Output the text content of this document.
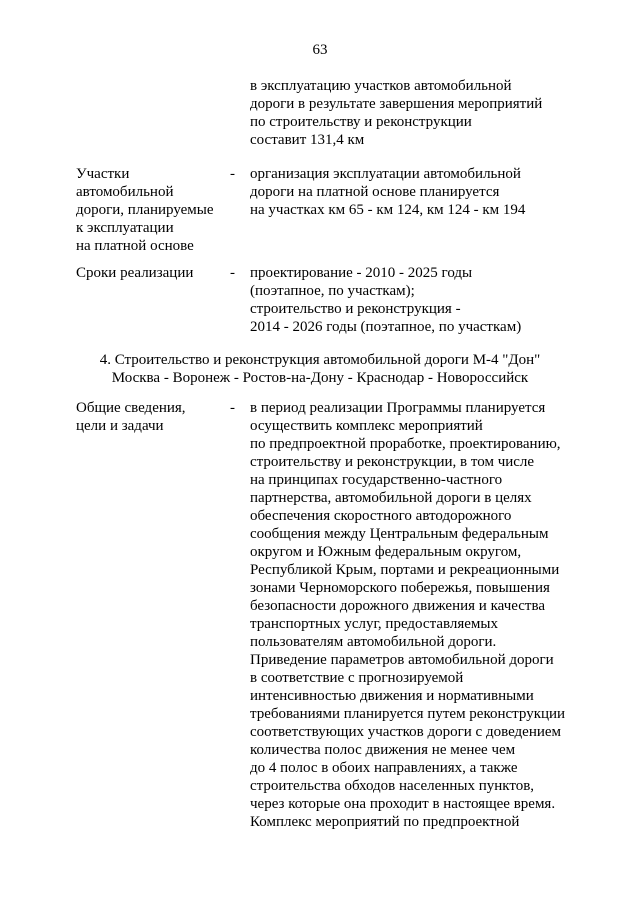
63
в эксплуатацию участков автомобильной
дороги в результате завершения мероприятий
по строительству и реконструкции
составит 131,4 км
Участки
автомобильной
дороги, планируемые
к эксплуатации
на платной основе
- организация эксплуатации автомобильной
дороги на платной основе планируется
на участках км 65 - км 124, км 124 - км 194
Сроки реализации - проектирование - 2010 - 2025 годы
(поэтапное, по участкам);
строительство и реконструкция -
2014 - 2026 годы (поэтапное, по участкам)
4. Строительство и реконструкция автомобильной дороги М-4 "Дон"
Москва - Воронеж - Ростов-на-Дону - Краснодар - Новороссийск
Общие сведения,
цели и задачи
- в период реализации Программы планируется
осуществить комплекс мероприятий
по предпроектной проработке, проектированию,
строительству и реконструкции, в том числе
на принципах государственно-частного
партнерства, автомобильной дороги в целях
обеспечения скоростного автодорожного
сообщения между Центральным федеральным
округом и Южным федеральным округом,
Республикой Крым, портами и рекреационными
зонами Черноморского побережья, повышения
безопасности дорожного движения и качества
транспортных услуг, предоставляемых
пользователям автомобильной дороги.
Приведение параметров автомобильной дороги
в соответствие с прогнозируемой
интенсивностью движения и нормативными
требованиями планируется путем реконструкции
соответствующих участков дороги с доведением
количества полос движения не менее чем
до 4 полос в обоих направлениях, а также
строительства обходов населенных пунктов,
через которые она проходит в настоящее время.
Комплекс мероприятий по предпроектной
